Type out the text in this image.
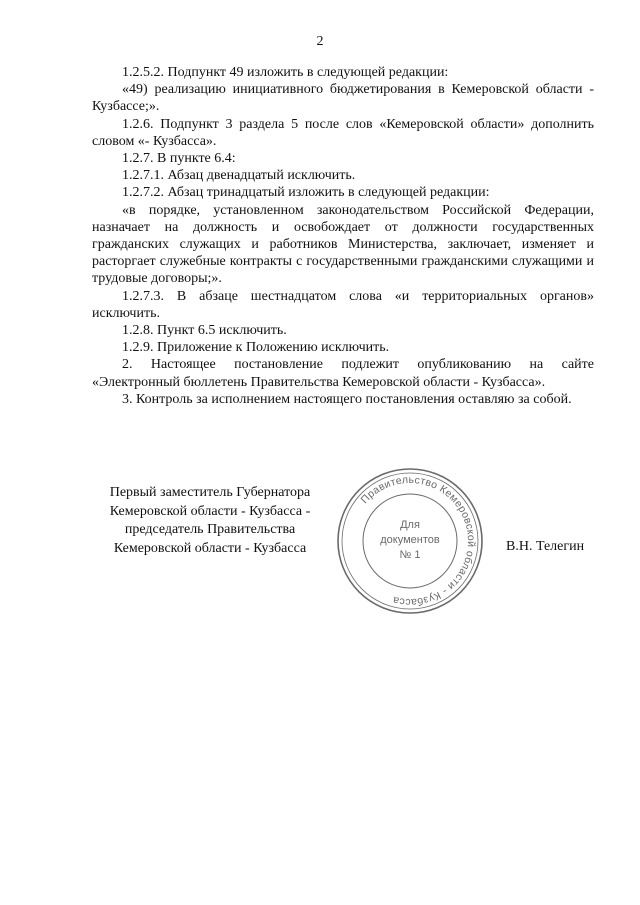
2

1.2.5.2. Подпункт 49 изложить в следующей редакции:

«49) реализацию инициативного бюджетирования в Кемеровской области - Кузбассе;».

1.2.6. Подпункт 3 раздела 5 после слов «Кемеровской области» дополнить словом «- Кузбасса».

1.2.7. В пункте 6.4:

1.2.7.1. Абзац двенадцатый исключить.

1.2.7.2. Абзац тринадцатый изложить в следующей редакции:

«в порядке, установленном законодательством Российской Федерации, назначает на должность и освобождает от должности государственных гражданских служащих и работников Министерства, заключает, изменяет и расторгает служебные контракты с государственными гражданскими служащими и трудовые договоры;».

1.2.7.3. В абзаце шестнадцатом слова «и территориальных органов» исключить.

1.2.8. Пункт 6.5 исключить.

1.2.9. Приложение к Положению исключить.

2. Настоящее постановление подлежит опубликованию на сайте «Электронный бюллетень Правительства Кемеровской области - Кузбасса».

3. Контроль за исполнением настоящего постановления оставляю за собой.

Первый заместитель Губернатора
Кемеровской области - Кузбасса -
председатель Правительства
Кемеровской области - Кузбасса	В.Н. Телегин
Правительство Кемеровской области - Кузбасса
Для
документов
№ 1
